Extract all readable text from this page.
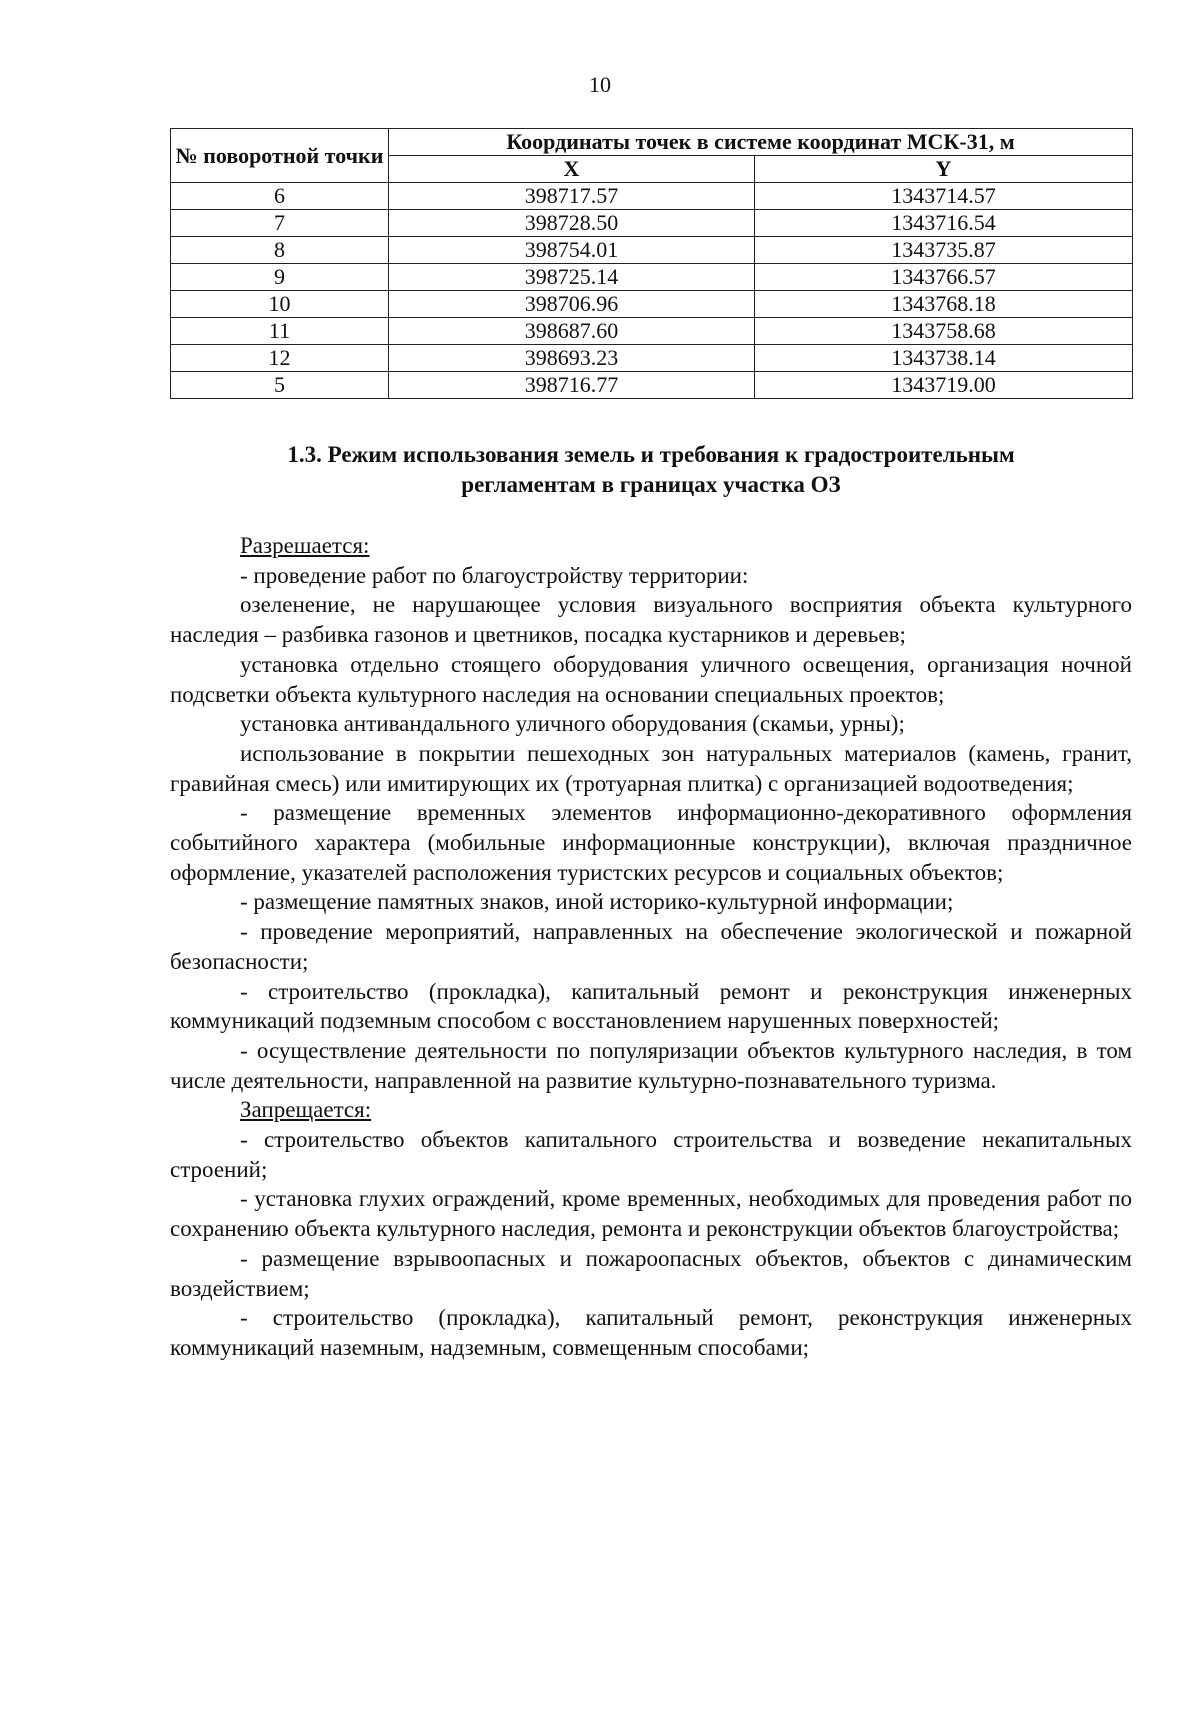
10
№ поворотной точки	Координаты точек в системе координат МСК-31, м	
	X	Y
6	398717.57	1343714.57
7	398728.50	1343716.54
8	398754.01	1343735.87
9	398725.14	1343766.57
10	398706.96	1343768.18
11	398687.60	1343758.68
12	398693.23	1343738.14
5	398716.77	1343719.00
1.3. Режим использования земель и требования к градостроительным
регламентам в границах участка ОЗ

Разрешается:

- проведение работ по благоустройству территории:

озеленение, не нарушающее условия визуального восприятия объекта культурного наследия – разбивка газонов и цветников, посадка кустарников и деревьев;

установка отдельно стоящего оборудования уличного освещения, организация ночной подсветки объекта культурного наследия на основании специальных проектов;

установка антивандального уличного оборудования (скамьи, урны);

использование в покрытии пешеходных зон натуральных материалов (камень, гранит, гравийная смесь) или имитирующих их (тротуарная плитка) с организацией водоотведения;

- размещение временных элементов информационно-декоративного оформления событийного характера (мобильные информационные конструкции), включая праздничное оформление, указателей расположения туристских ресурсов и социальных объектов;

- размещение памятных знаков, иной историко-культурной информации;

- проведение мероприятий, направленных на обеспечение экологической и пожарной безопасности;

- строительство (прокладка), капитальный ремонт и реконструкция инженерных коммуникаций подземным способом с восстановлением нарушенных поверхностей;

- осуществление деятельности по популяризации объектов культурного наследия, в том числе деятельности, направленной на развитие культурно-познавательного туризма.

Запрещается:

- строительство объектов капитального строительства и возведение некапитальных строений;

- установка глухих ограждений, кроме временных, необходимых для проведения работ по сохранению объекта культурного наследия, ремонта и реконструкции объектов благоустройства;

- размещение взрывоопасных и пожароопасных объектов, объектов с динамическим воздействием;

- строительство (прокладка), капитальный ремонт, реконструкция инженерных коммуникаций наземным, надземным, совмещенным способами;
